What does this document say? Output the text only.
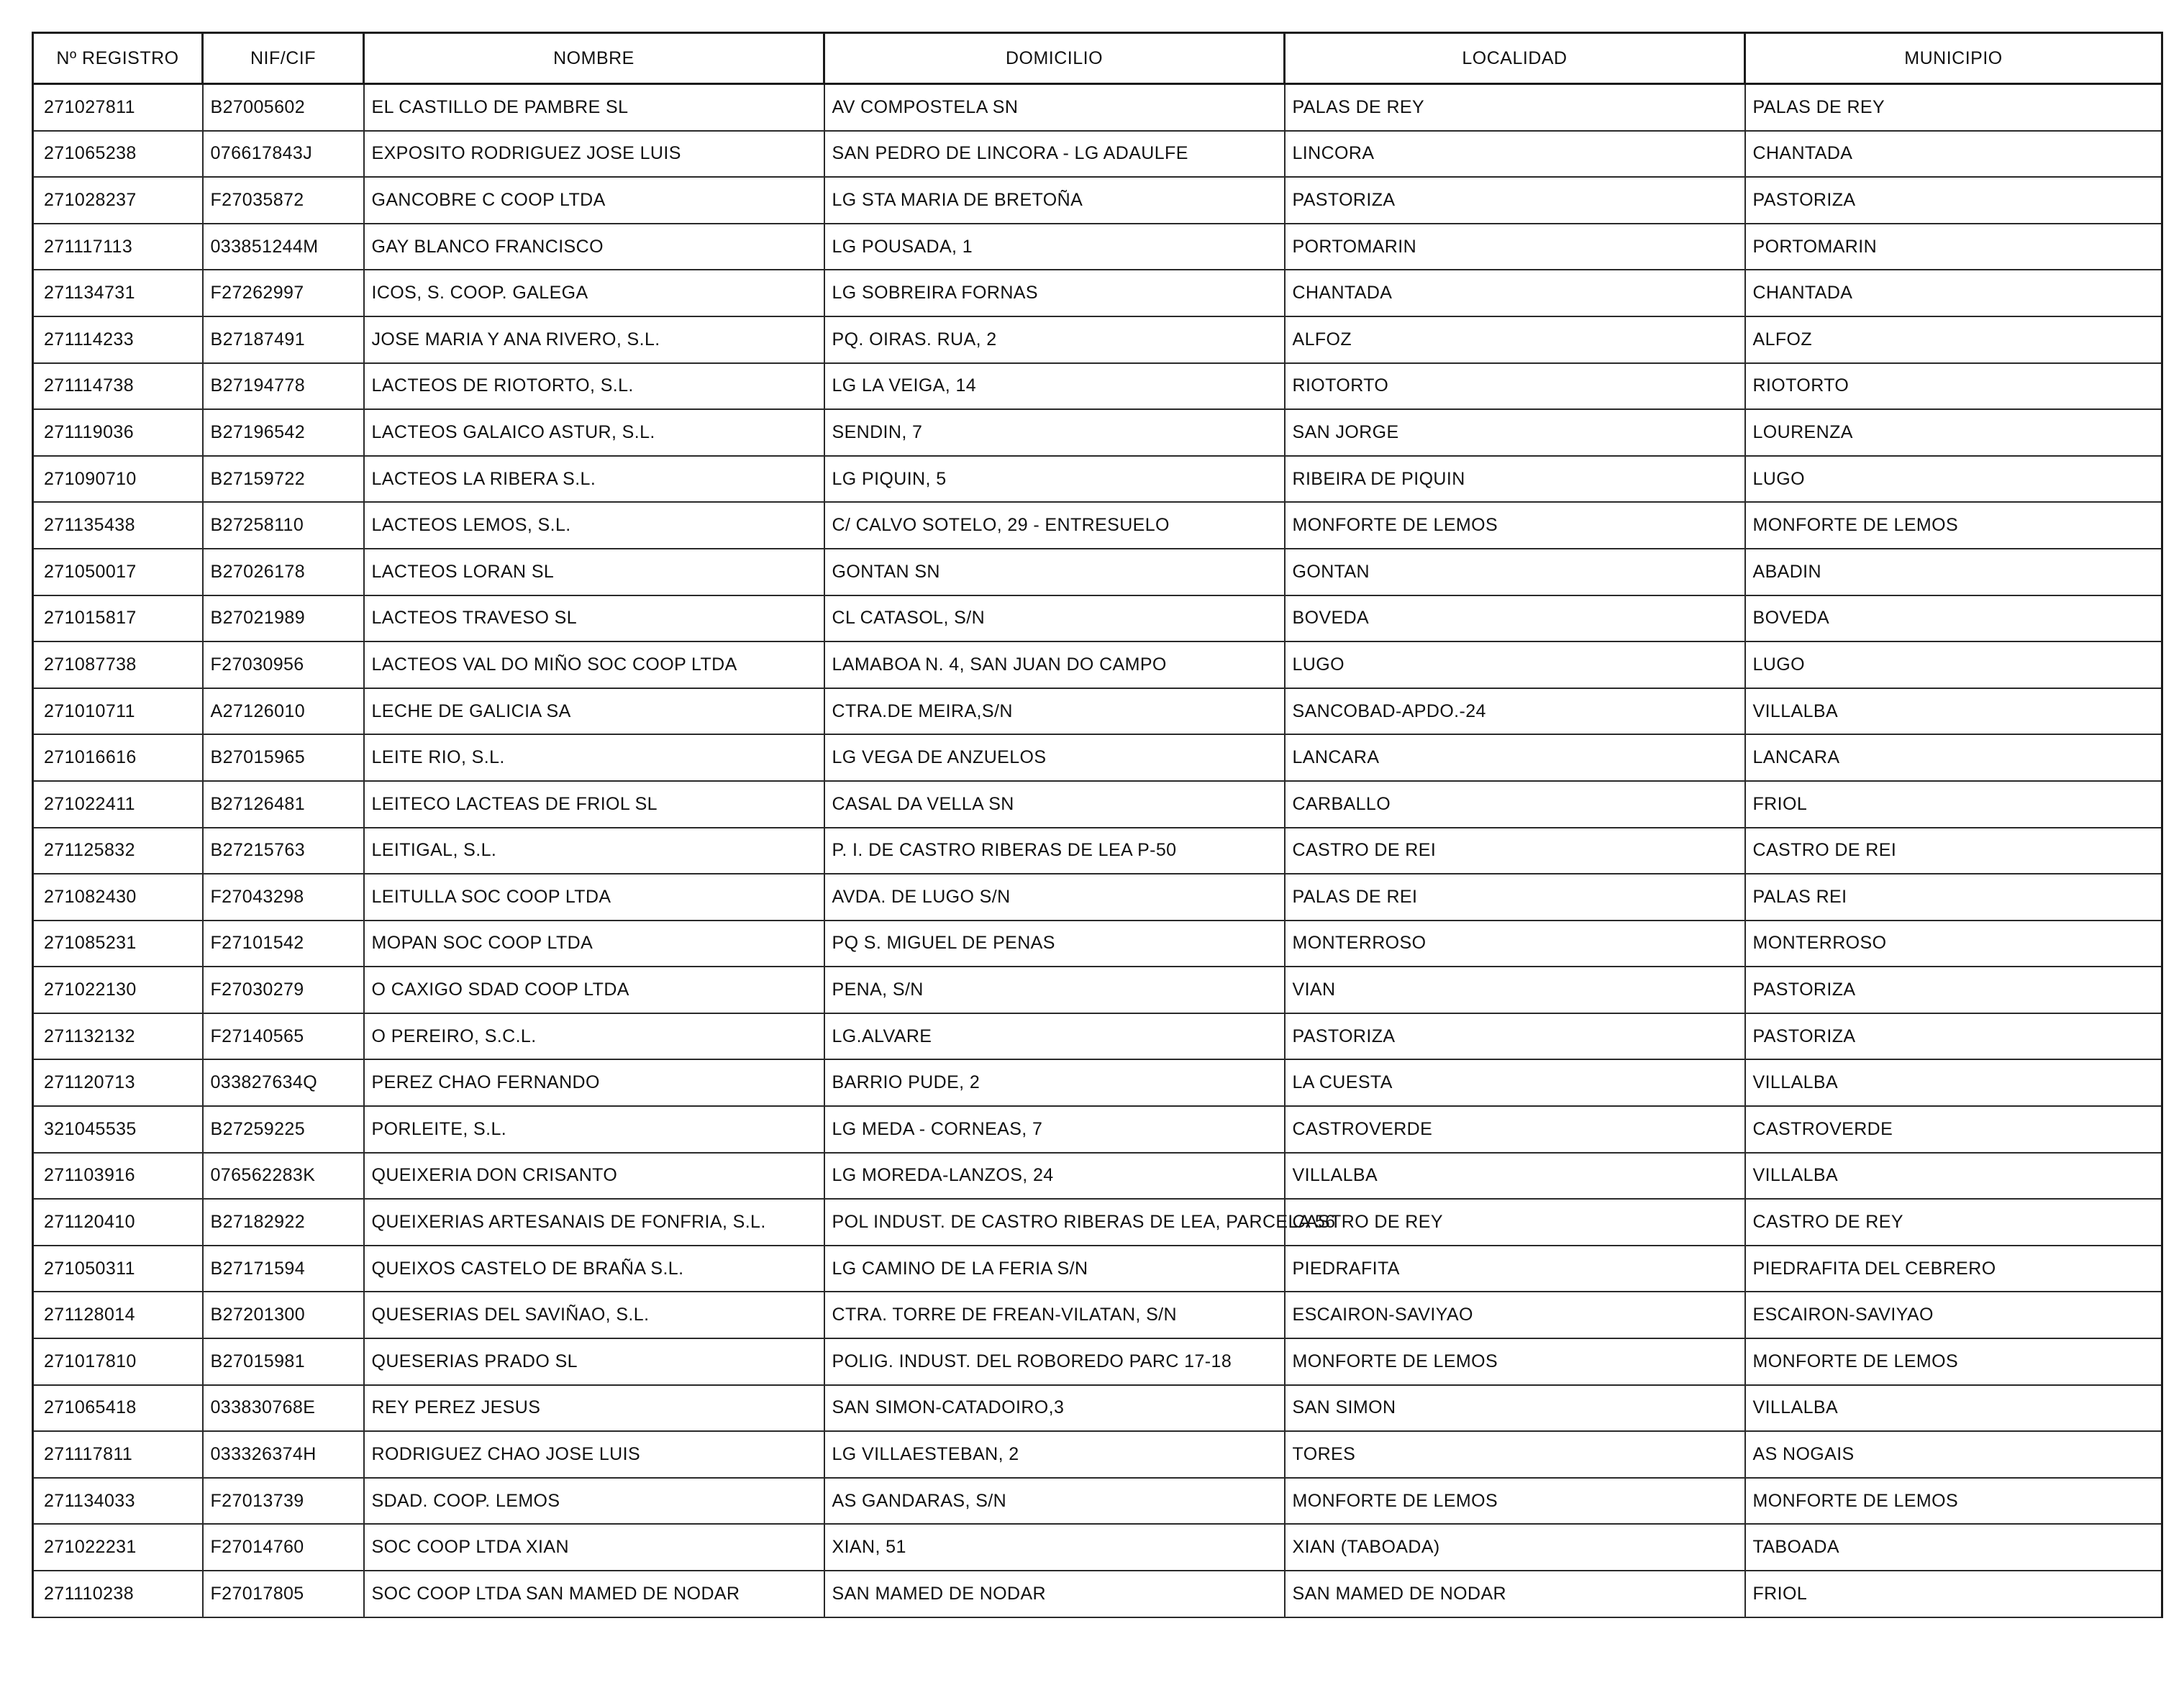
Nº REGISTRO	NIF/CIF	NOMBRE	DOMICILIO	LOCALIDAD	MUNICIPIO
271027811	B27005602	EL CASTILLO DE PAMBRE SL	AV COMPOSTELA SN	PALAS DE REY	PALAS DE REY
271065238	076617843J	EXPOSITO RODRIGUEZ JOSE LUIS	SAN PEDRO DE LINCORA - LG ADAULFE	LINCORA	CHANTADA
271028237	F27035872	GANCOBRE C COOP LTDA	LG STA MARIA DE BRETOÑA	PASTORIZA	PASTORIZA
271117113	033851244M	GAY BLANCO FRANCISCO	LG POUSADA, 1	PORTOMARIN	PORTOMARIN
271134731	F27262997	ICOS, S. COOP. GALEGA	LG SOBREIRA FORNAS	CHANTADA	CHANTADA
271114233	B27187491	JOSE MARIA Y ANA RIVERO, S.L.	PQ. OIRAS. RUA, 2	ALFOZ	ALFOZ
271114738	B27194778	LACTEOS DE RIOTORTO, S.L.	LG LA VEIGA, 14	RIOTORTO	RIOTORTO
271119036	B27196542	LACTEOS GALAICO ASTUR, S.L.	SENDIN, 7	SAN JORGE	LOURENZA
271090710	B27159722	LACTEOS LA RIBERA S.L.	LG PIQUIN, 5	RIBEIRA DE PIQUIN	LUGO
271135438	B27258110	LACTEOS LEMOS, S.L.	C/ CALVO SOTELO, 29 - ENTRESUELO	MONFORTE DE LEMOS	MONFORTE DE LEMOS
271050017	B27026178	LACTEOS LORAN SL	GONTAN SN	GONTAN	ABADIN
271015817	B27021989	LACTEOS TRAVESO SL	CL CATASOL, S/N	BOVEDA	BOVEDA
271087738	F27030956	LACTEOS VAL DO MIÑO SOC COOP LTDA	LAMABOA N. 4, SAN JUAN DO CAMPO	LUGO	LUGO
271010711	A27126010	LECHE DE GALICIA SA	CTRA.DE MEIRA,S/N	SANCOBAD-APDO.-24	VILLALBA
271016616	B27015965	LEITE RIO, S.L.	LG VEGA DE ANZUELOS	LANCARA	LANCARA
271022411	B27126481	LEITECO LACTEAS DE FRIOL SL	CASAL DA VELLA SN	CARBALLO	FRIOL
271125832	B27215763	LEITIGAL, S.L.	P. I. DE CASTRO RIBERAS DE LEA P-50	CASTRO DE REI	CASTRO DE REI
271082430	F27043298	LEITULLA SOC COOP LTDA	AVDA. DE LUGO S/N	PALAS DE REI	PALAS REI
271085231	F27101542	MOPAN SOC COOP LTDA	PQ S. MIGUEL DE PENAS	MONTERROSO	MONTERROSO
271022130	F27030279	O CAXIGO SDAD COOP LTDA	PENA, S/N	VIAN	PASTORIZA
271132132	F27140565	O PEREIRO, S.C.L.	LG.ALVARE	PASTORIZA	PASTORIZA
271120713	033827634Q	PEREZ CHAO FERNANDO	BARRIO PUDE, 2	LA CUESTA	VILLALBA
321045535	B27259225	PORLEITE, S.L.	LG MEDA - CORNEAS, 7	CASTROVERDE	CASTROVERDE
271103916	076562283K	QUEIXERIA DON CRISANTO	LG MOREDA-LANZOS, 24	VILLALBA	VILLALBA
271120410	B27182922	QUEIXERIAS ARTESANAIS DE FONFRIA, S.L.	POL INDUST. DE CASTRO RIBERAS DE LEA, PARCELA 56	CASTRO DE REY	CASTRO DE REY
271050311	B27171594	QUEIXOS CASTELO DE BRAÑA S.L.	LG CAMINO DE LA FERIA S/N	PIEDRAFITA	PIEDRAFITA DEL CEBRERO
271128014	B27201300	QUESERIAS DEL SAVIÑAO, S.L.	CTRA. TORRE DE FREAN-VILATAN, S/N	ESCAIRON-SAVIYAO	ESCAIRON-SAVIYAO
271017810	B27015981	QUESERIAS PRADO SL	POLIG. INDUST. DEL ROBOREDO PARC 17-18	MONFORTE DE LEMOS	MONFORTE DE LEMOS
271065418	033830768E	REY PEREZ JESUS	SAN SIMON-CATADOIRO,3	SAN SIMON	VILLALBA
271117811	033326374H	RODRIGUEZ CHAO JOSE LUIS	LG VILLAESTEBAN, 2	TORES	AS NOGAIS
271134033	F27013739	SDAD. COOP. LEMOS	AS GANDARAS, S/N	MONFORTE DE LEMOS	MONFORTE DE LEMOS
271022231	F27014760	SOC COOP LTDA XIAN	XIAN, 51	XIAN (TABOADA)	TABOADA
271110238	F27017805	SOC COOP LTDA SAN MAMED DE NODAR	SAN MAMED DE NODAR	SAN MAMED DE NODAR	FRIOL
